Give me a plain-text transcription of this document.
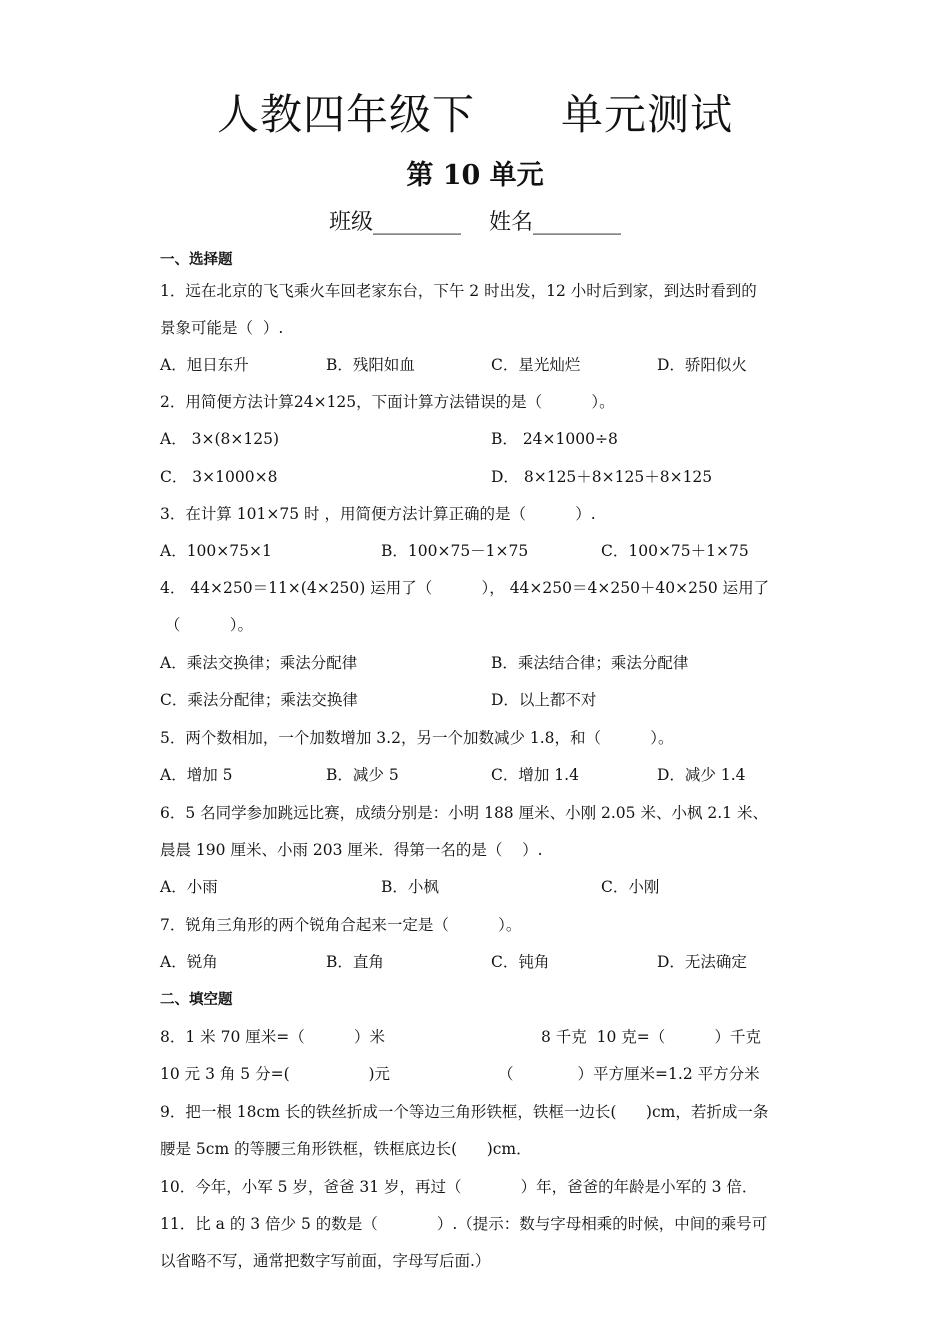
人教四年级下      单元测试
第 10 单元
班级________    姓名________
一、选择题
1．远在北京的飞飞乘火车回老家东台，下午 2 时出发，12 小时后到家，到达时看到的
景象可能是（  ）.
A．旭日东升	B．残阳如血	C．星光灿烂	D．骄阳似火
2．用简便方法计算24×125，下面计算方法错误的是（          ）。
A． 3×(8×125)	B． 24×1000÷8
C． 3×1000×8	D． 8×125＋8×125＋8×125
3．在计算 101×75 时 ，用简便方法计算正确的是（          ）.
A．100×75×1	B．100×75－1×75	C．100×75＋1×75
4． 44×250＝11×(4×250) 运用了（          ）， 44×250＝4×250＋40×250 运用了
（          ）。
A．乘法交换律；乘法分配律	B．乘法结合律；乘法分配律
C．乘法分配律；乘法交换律	D．以上都不对
5．两个数相加，一个加数增加 3.2，另一个加数减少 1.8，和（          ）。
A．增加 5	B．减少 5	C．增加 1.4	D．减少 1.4
6．5 名同学参加跳远比赛，成绩分别是：小明 188 厘米、小刚 2.05 米、小枫 2.1 米、
晨晨 190 厘米、小雨 203 厘米．得第一名的是（    ）.
A．小雨	B．小枫	C．小刚
7．锐角三角形的两个锐角合起来一定是（          ）。
A．锐角	B．直角	C．钝角	D．无法确定
二、填空题
8．1 米 70 厘米=（          ）米	8 千克  10 克=（          ）千克
10 元 3 角 5 分=(                )元	（             ）平方厘米=1.2 平方分米
9．把一根 18cm 长的铁丝折成一个等边三角形铁框，铁框一边长(      )cm，若折成一条
腰是 5cm 的等腰三角形铁框，铁框底边长(      )cm．
10．今年，小军 5 岁，爸爸 31 岁，再过（            ）年，爸爸的年龄是小军的 3 倍．
11．比 a 的 3 倍少 5 的数是（            ）.（提示：数与字母相乘的时候，中间的乘号可
以省略不写，通常把数字写前面，字母写后面.）
